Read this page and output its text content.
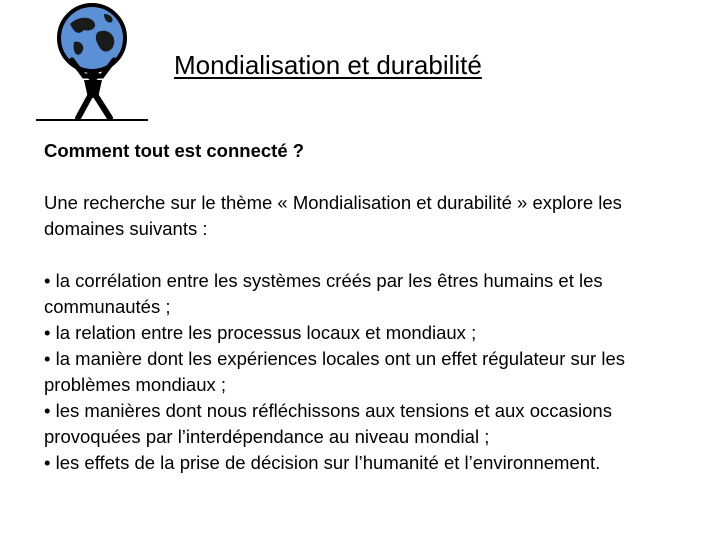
Mondialisation et durabilité

Comment tout est connecté ?

Une recherche sur le thème « Mondialisation et durabilité » explore les domaines suivants :

• la corrélation entre les systèmes créés par les êtres humains et les communautés ;
• la relation entre les processus locaux et mondiaux ;
• la manière dont les expériences locales ont un effet régulateur sur les problèmes mondiaux ;
• les manières dont nous réfléchissons aux tensions et aux occasions provoquées par l’interdépendance au niveau mondial ;
• les effets de la prise de décision sur l’humanité et l’environnement.
